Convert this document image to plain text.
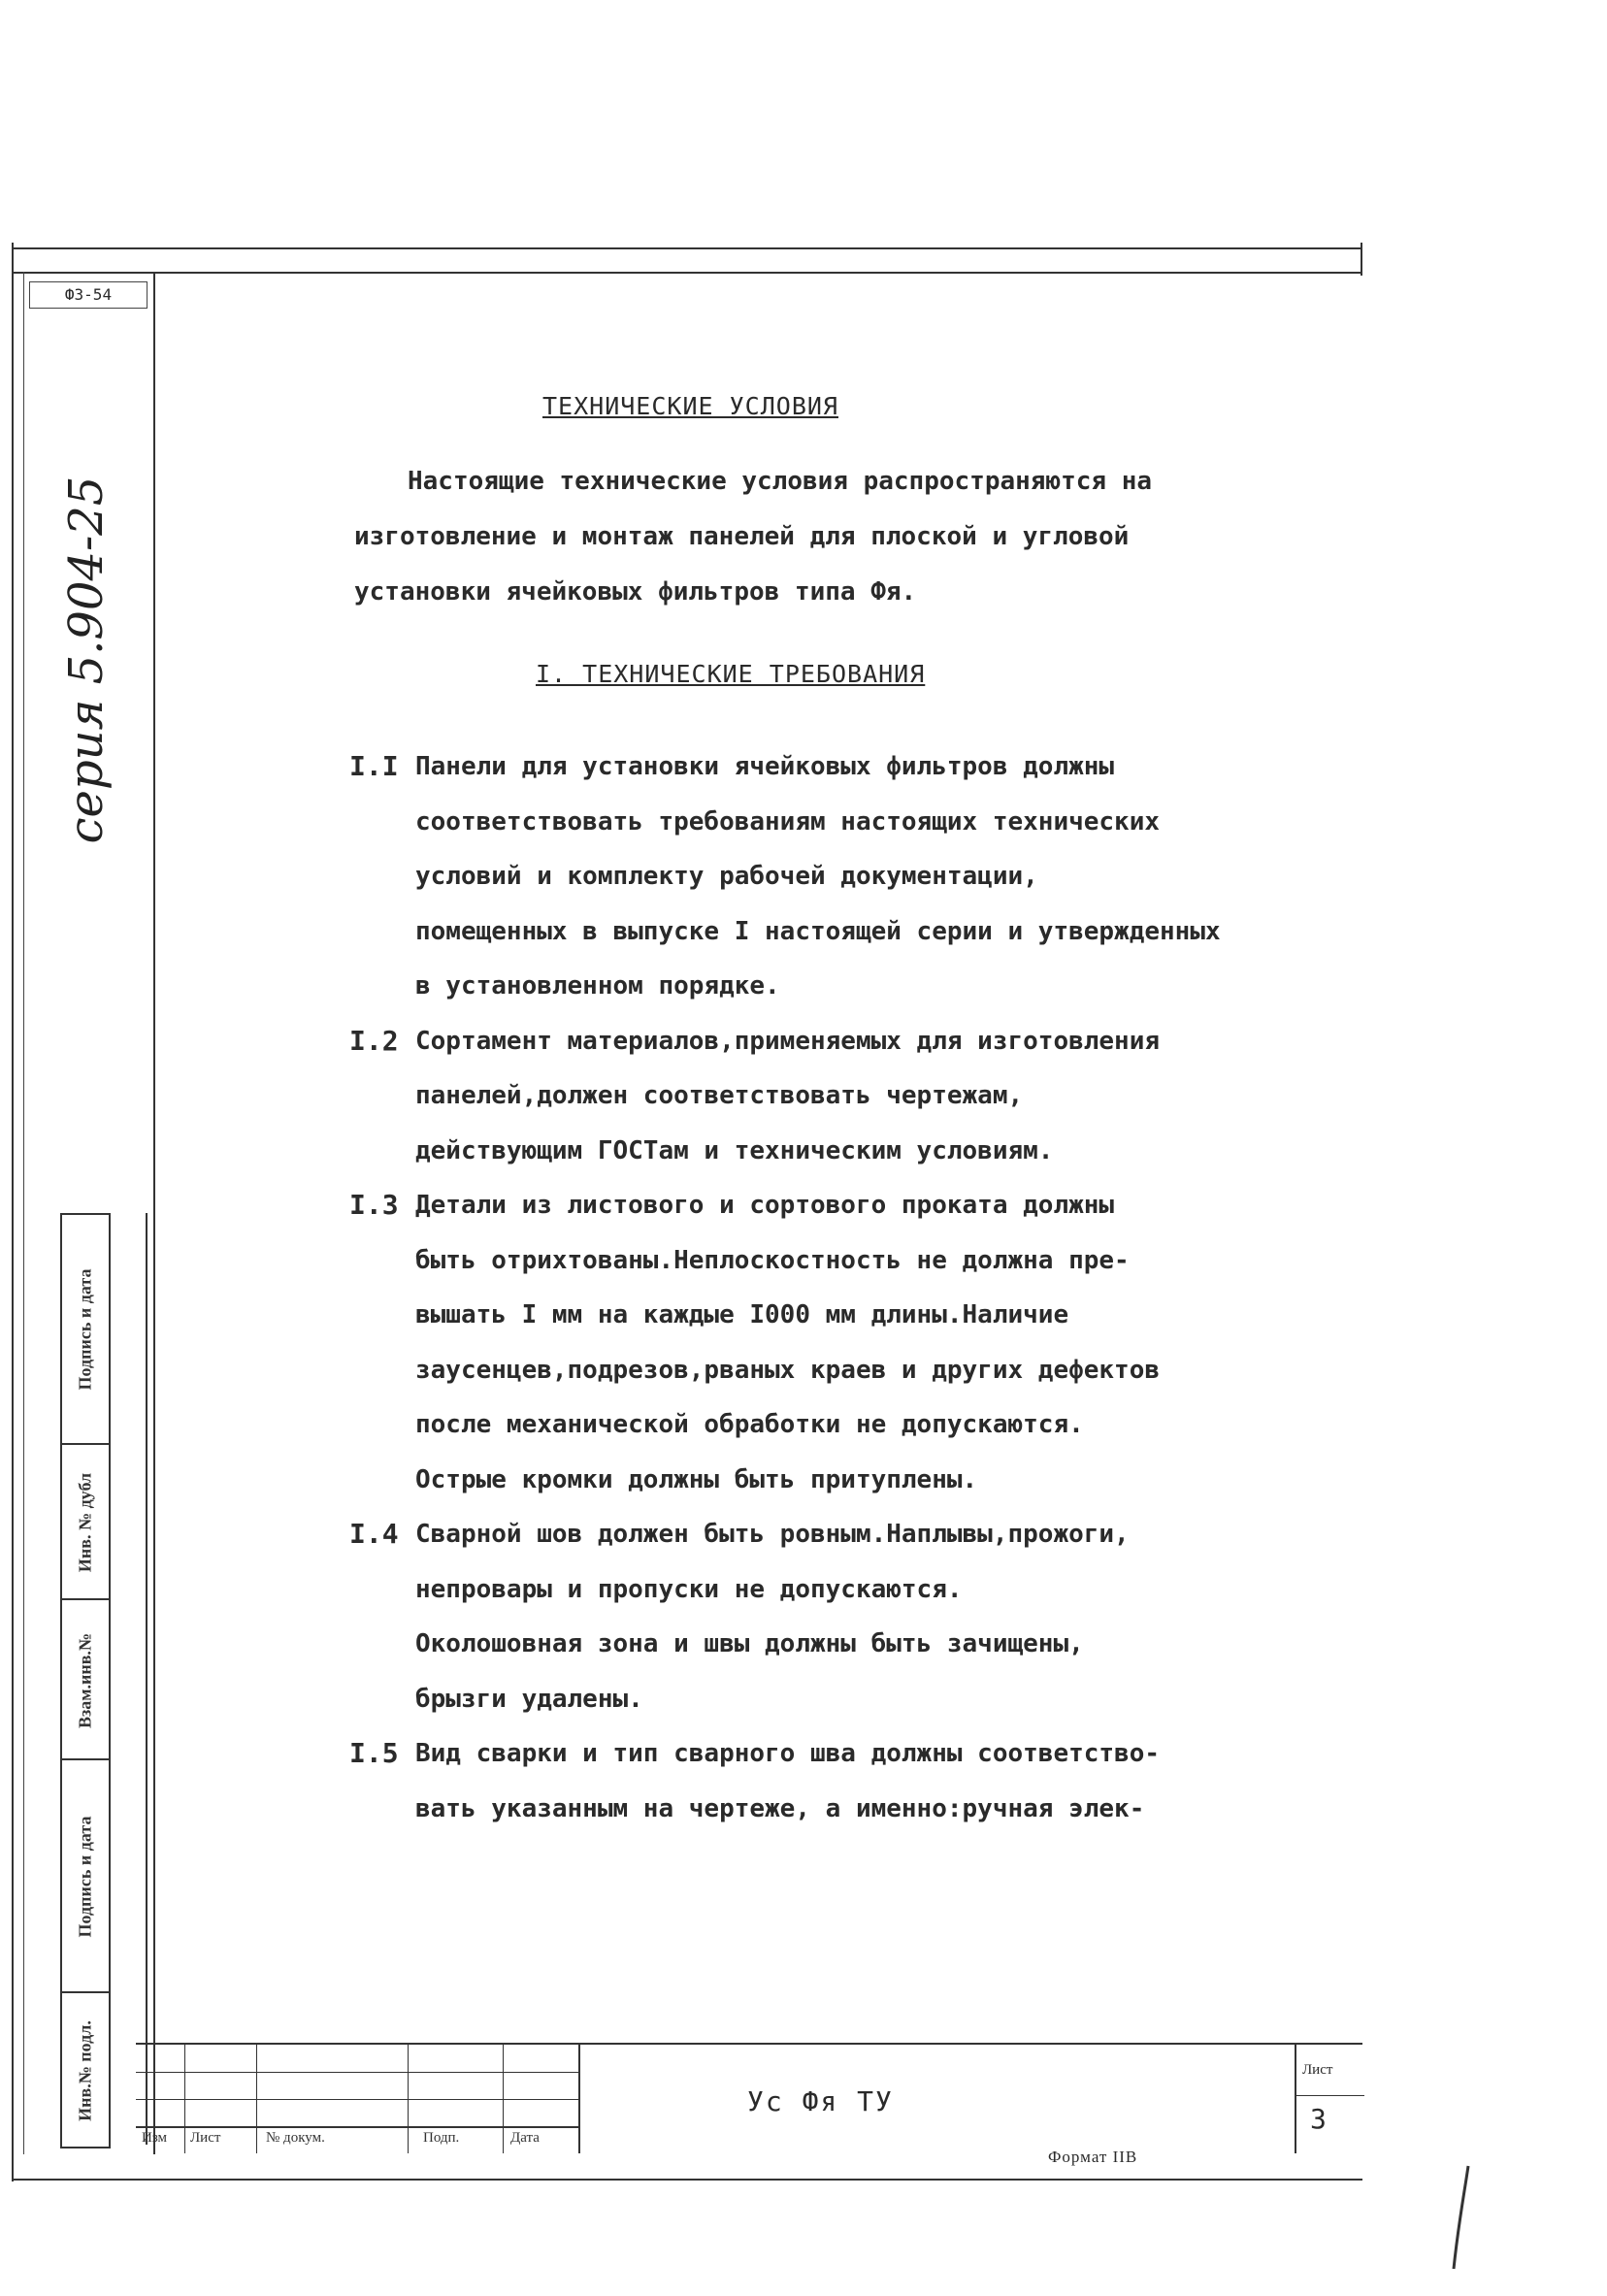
ФЗ-54
серия 5.904-25
Подпись и дата
Инв. № дубл
Взам.инв.№
Подпись и дата
Инв.№ подл.
ТЕХНИЧЕСКИЕ УСЛОВИЯ
Настоящие технические условия распространяются на
изготовление и монтаж панелей для плоской и угловой
установки ячейковых фильтров типа Фя.
I. ТЕХНИЧЕСКИЕ ТРЕБОВАНИЯ
I.I Панели для установки ячейковых фильтров должны
соответствовать требованиям настоящих технических
условий и комплекту рабочей документации,
помещенных в выпуске I настоящей серии и утвержденных
в установленном порядке.
I.2 Сортамент материалов,применяемых для изготовления
панелей,должен соответствовать чертежам,
действующим ГОСТам и техническим условиям.
I.3 Детали из листового и сортового проката должны
быть отрихтованы.Неплоскостность не должна пре-
вышать I мм на каждые I000 мм длины.Наличие
заусенцев,подрезов,рваных краев и других дефектов
после механической обработки не допускаются.
Острые кромки должны быть притуплены.
I.4 Сварной шов должен быть ровным.Наплывы,прожоги,
непровары и пропуски не допускаются.
Околошовная зона и швы должны быть зачищены,
брызги удалены.
I.5 Вид сварки и тип сварного шва должны соответство-
вать указанным на чертеже, а именно:ручная элек-
Изм Лист	№ докум.	Подп.	Дата
Ус Фя ТУ
Лист
3
Формат IIВ
